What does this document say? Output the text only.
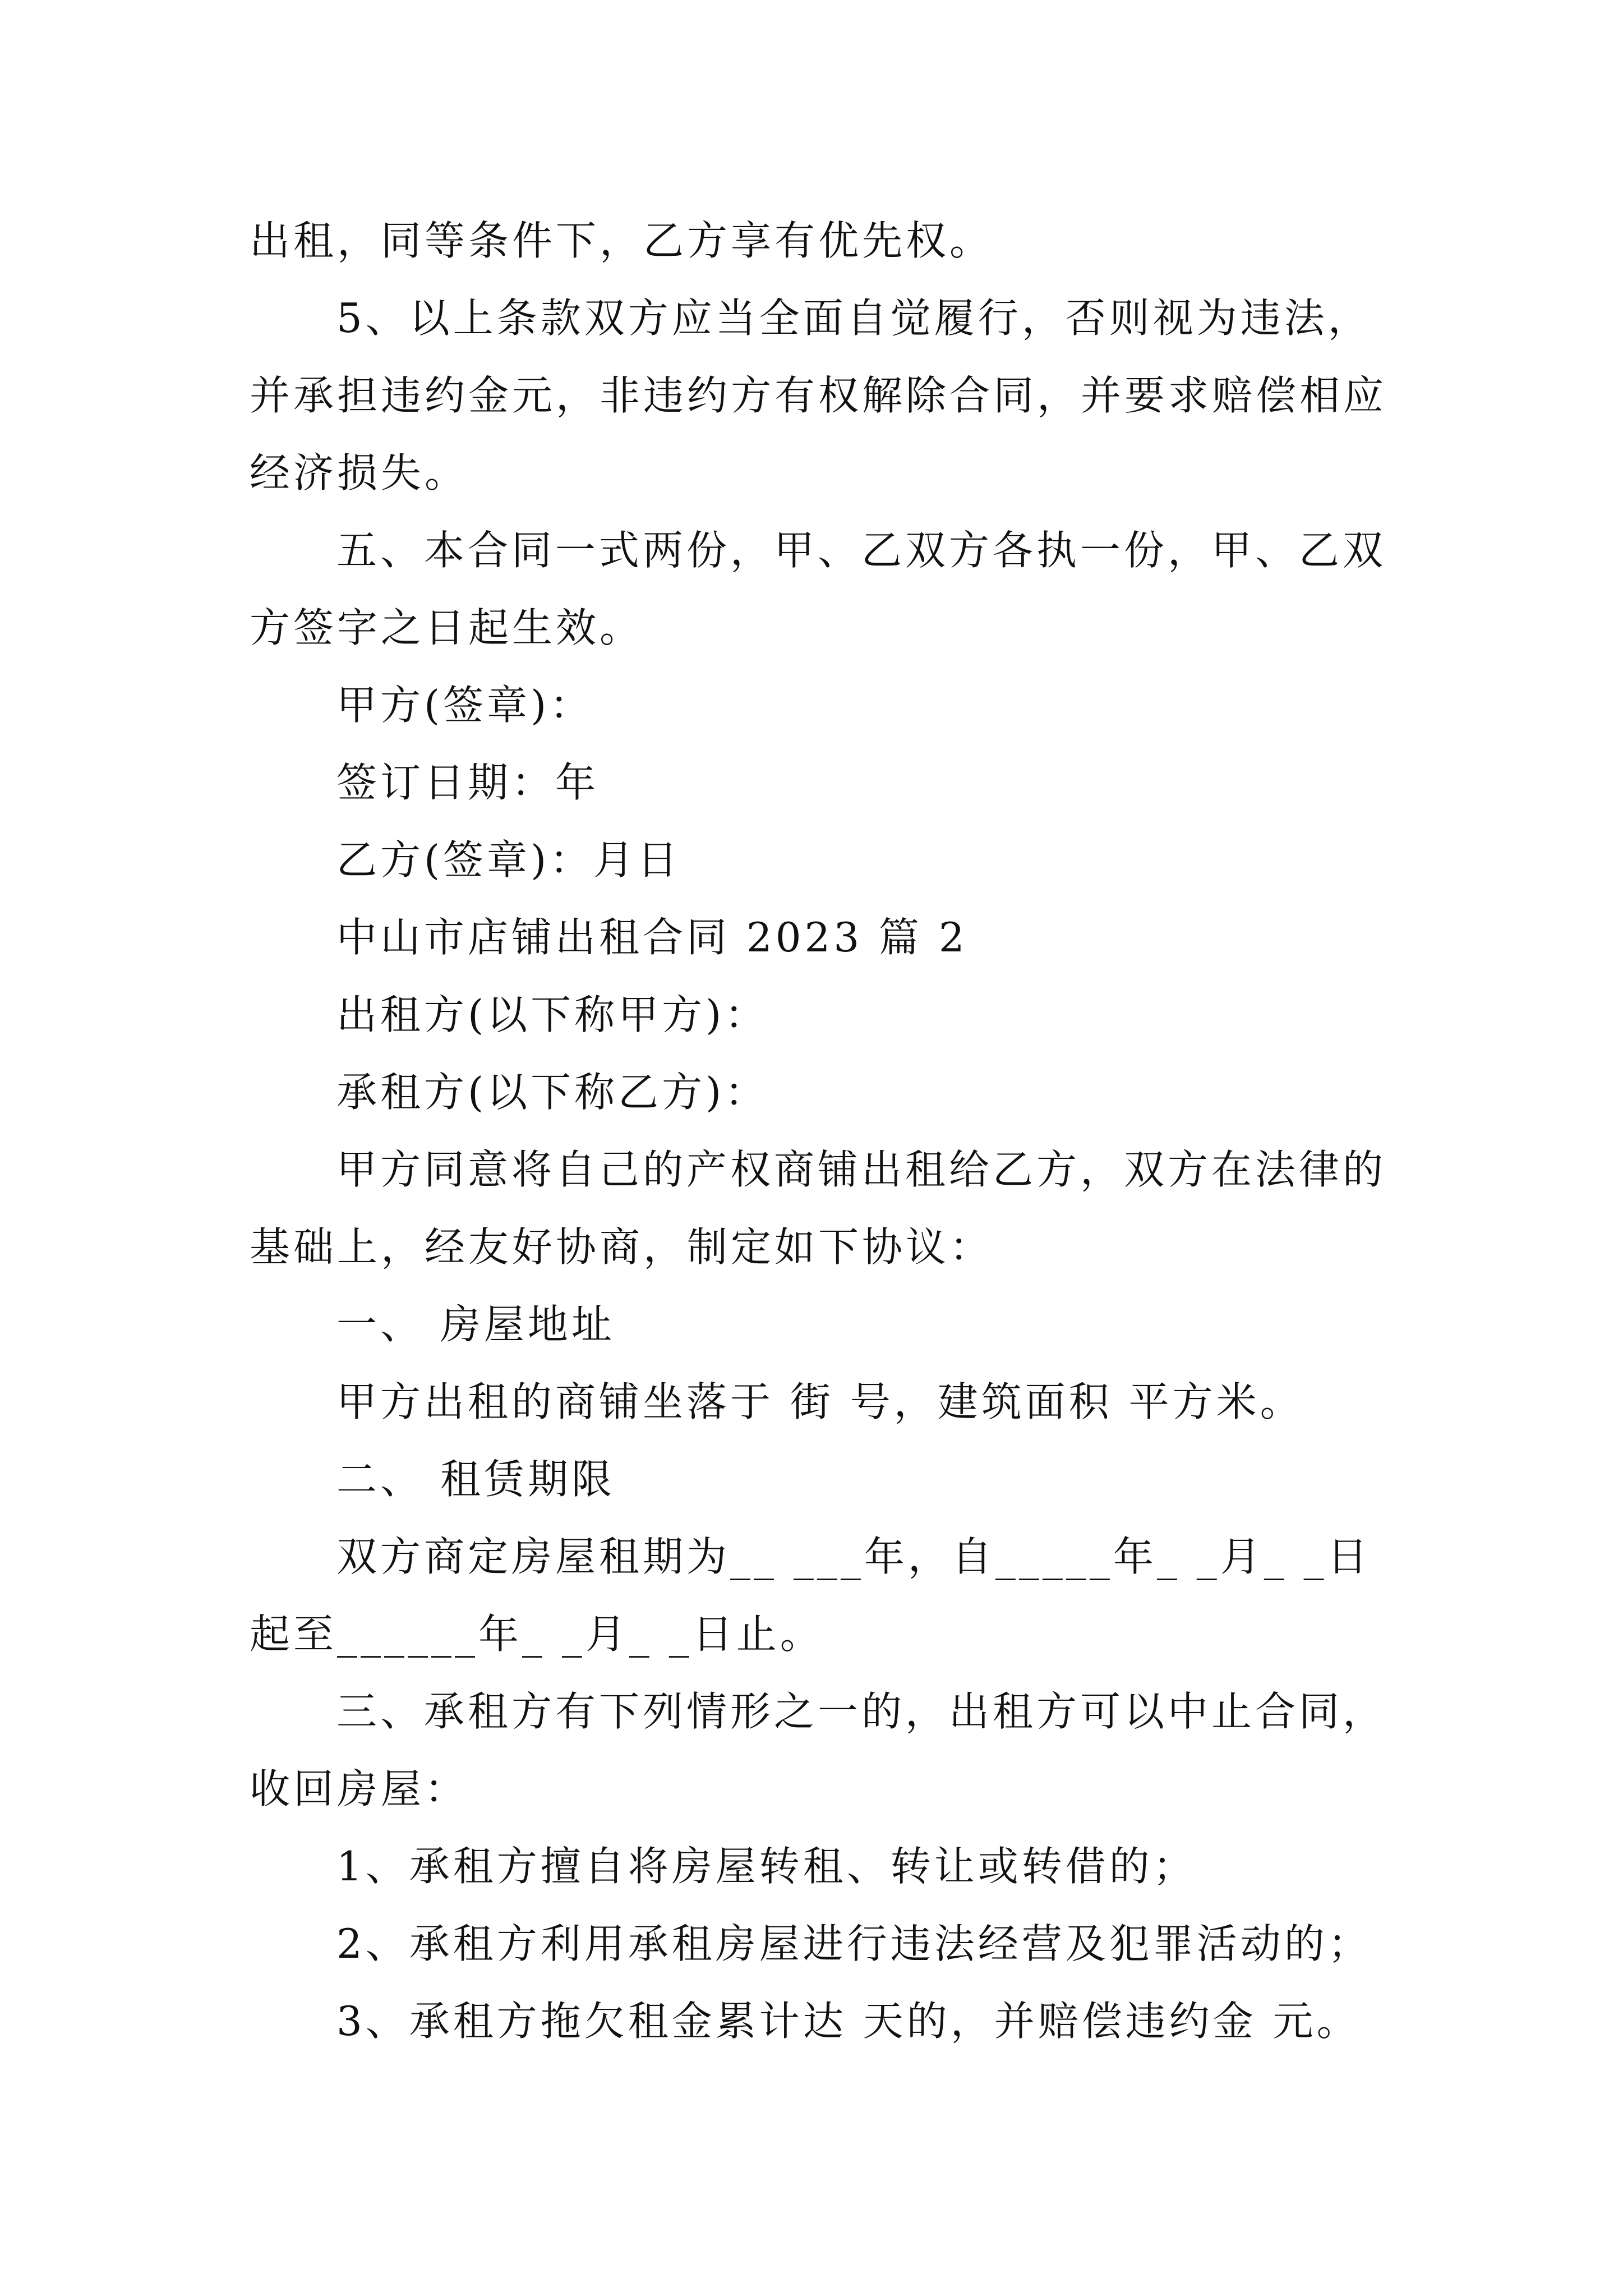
出租，同等条件下，乙方享有优先权。
5、以上条款双方应当全面自觉履行，否则视为违法，
并承担违约金元，非违约方有权解除合同，并要求赔偿相应
经济损失。
五、本合同一式两份，甲、乙双方各执一份，甲、乙双
方签字之日起生效。
甲方(签章)：
签订日期：年
乙方(签章)：月日
中山市店铺出租合同 2023 篇 2
出租方(以下称甲方)：
承租方(以下称乙方)：
甲方同意将自己的产权商铺出租给乙方，双方在法律的
基础上，经友好协商，制定如下协议：
一、 房屋地址
甲方出租的商铺坐落于 街 号，建筑面积 平方米。
二、 租赁期限
双方商定房屋租期为__ ___年，自_____年_ _月_ _日
起至______年_ _月_ _日止。
三、承租方有下列情形之一的，出租方可以中止合同，
收回房屋：
1、承租方擅自将房屋转租、转让或转借的；
2、承租方利用承租房屋进行违法经营及犯罪活动的；
3、承租方拖欠租金累计达 天的，并赔偿违约金 元。
